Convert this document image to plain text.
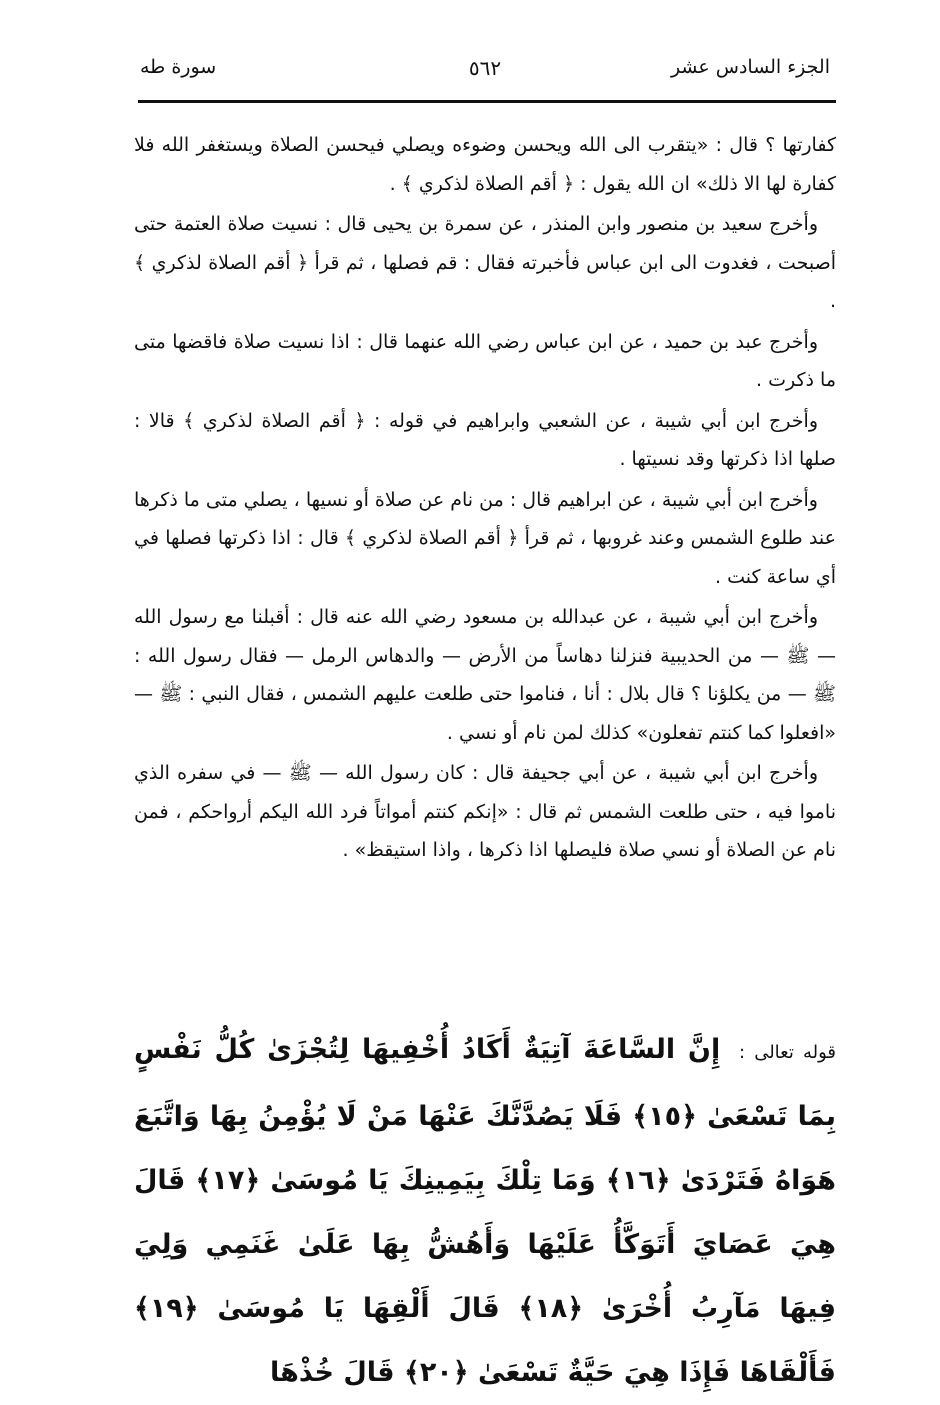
الجزء السادس عشر
٥٦٢
سورة طه

كفارتها ؟ قال : «يتقرب الى الله ويحسن وضوءه ويصلي فيحسن الصلاة ويستغفر الله فلا كفارة لها الا ذلك» ان الله يقول : ﴿ أقم الصلاة لذكري ﴾ .

وأخرج سعيد بن منصور وابن المنذر ، عن سمرة بن يحيى قال : نسيت صلاة العتمة حتى أصبحت ، فغدوت الى ابن عباس فأخبرته فقال : قم فصلها ، ثم قرأ ﴿ أقم الصلاة لذكري ﴾ .

وأخرج عبد بن حميد ، عن ابن عباس رضي الله عنهما قال : اذا نسيت صلاة فاقضها متى ما ذكرت .

وأخرج ابن أبي شيبة ، عن الشعبي وابراهيم في قوله : ﴿ أقم الصلاة لذكري ﴾ قالا : صلها اذا ذكرتها وقد نسيتها .

وأخرج ابن أبي شيبة ، عن ابراهيم قال : من نام عن صلاة أو نسيها ، يصلي متى ما ذكرها عند طلوع الشمس وعند غروبها ، ثم قرأ ﴿ أقم الصلاة لذكري ﴾ قال : اذا ذكرتها فصلها في أي ساعة كنت .

وأخرج ابن أبي شيبة ، عن عبدالله بن مسعود رضي الله عنه قال : أقبلنا مع رسول الله — ﷺ — من الحديبية فنزلنا دهاساً من الأرض — والدهاس الرمل — فقال رسول الله : ﷺ — من يكلؤنا ؟ قال بلال : أنا ، فناموا حتى طلعت عليهم الشمس ، فقال النبي : ﷺ — «افعلوا كما كنتم تفعلون» كذلك لمن نام أو نسي .

وأخرج ابن أبي شيبة ، عن أبي جحيفة قال : كان رسول الله — ﷺ — في سفره الذي ناموا فيه ، حتى طلعت الشمس ثم قال : «إنكم كنتم أمواتاً فرد الله اليكم أرواحكم ، فمن نام عن الصلاة أو نسي صلاة فليصلها اذا ذكرها ، واذا استيقظ» .

قوله تعالى : إِنَّ السَّاعَةَ آتِيَةٌ أَكَادُ أُخْفِيهَا لِتُجْزَىٰ كُلُّ نَفْسٍ بِمَا تَسْعَىٰ ﴿١٥﴾ فَلَا يَصُدَّنَّكَ عَنْهَا مَنْ لَا يُؤْمِنُ بِهَا وَاتَّبَعَ هَوَاهُ فَتَرْدَىٰ ﴿١٦﴾ وَمَا تِلْكَ بِيَمِينِكَ يَا مُوسَىٰ ﴿١٧﴾ قَالَ هِيَ عَصَايَ أَتَوَكَّأُ عَلَيْهَا وَأَهُشُّ بِهَا عَلَىٰ غَنَمِي وَلِيَ فِيهَا مَآرِبُ أُخْرَىٰ ﴿١٨﴾ قَالَ أَلْقِهَا يَا مُوسَىٰ ﴿١٩﴾ فَأَلْقَاهَا فَإِذَا هِيَ حَيَّةٌ تَسْعَىٰ ﴿٢٠﴾ قَالَ خُذْهَا
